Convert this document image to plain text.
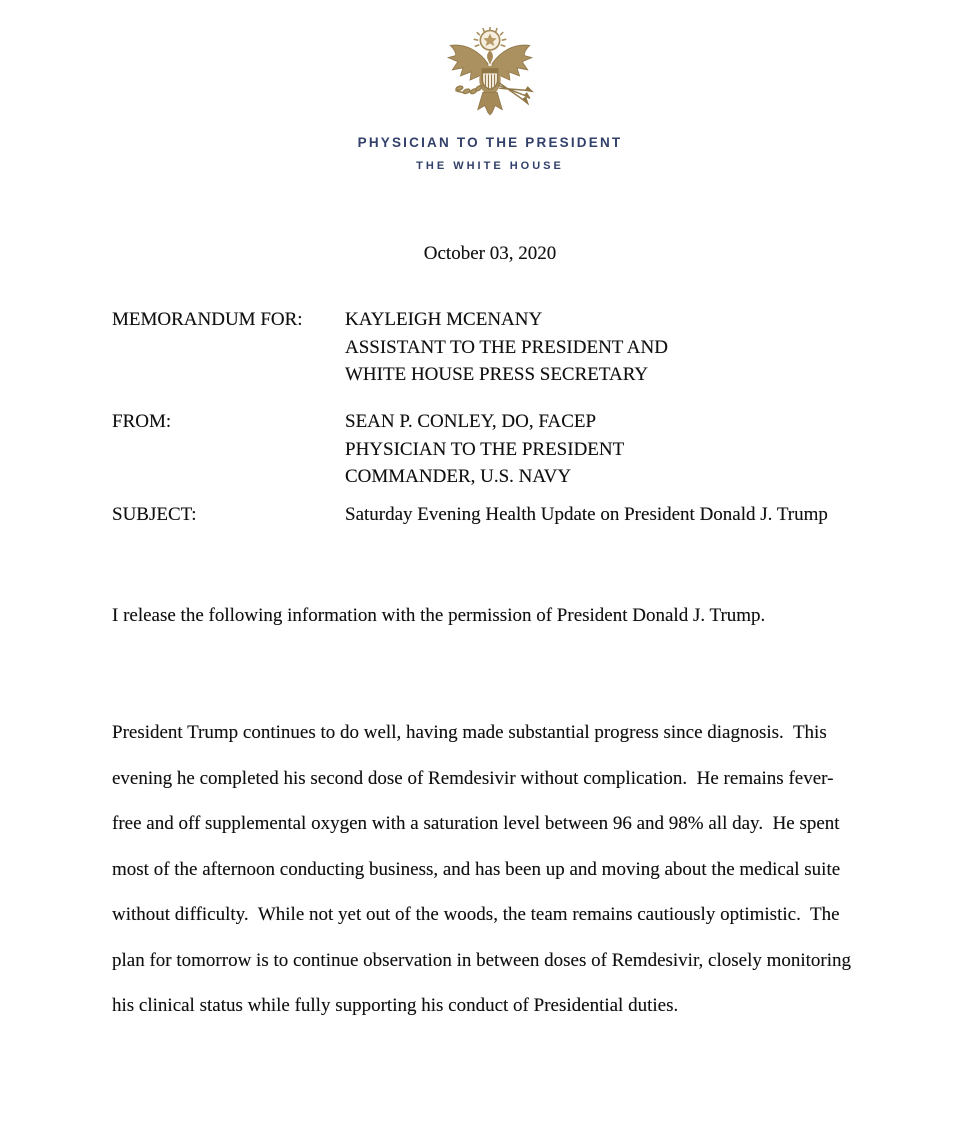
PHYSICIAN TO THE PRESIDENT
THE WHITE HOUSE
October 03, 2020
MEMORANDUM FOR:	KAYLEIGH MCENANY
ASSISTANT TO THE PRESIDENT AND
WHITE HOUSE PRESS SECRETARY
FROM:	SEAN P. CONLEY, DO, FACEP
PHYSICIAN TO THE PRESIDENT
COMMANDER, U.S. NAVY
SUBJECT:	Saturday Evening Health Update on President Donald J. Trump
I release the following information with the permission of President Donald J. Trump.
President Trump continues to do well, having made substantial progress since diagnosis.  This
evening he completed his second dose of Remdesivir without complication.  He remains fever-
free and off supplemental oxygen with a saturation level between 96 and 98% all day.  He spent
most of the afternoon conducting business, and has been up and moving about the medical suite
without difficulty.  While not yet out of the woods, the team remains cautiously optimistic.  The
plan for tomorrow is to continue observation in between doses of Remdesivir, closely monitoring
his clinical status while fully supporting his conduct of Presidential duties.
